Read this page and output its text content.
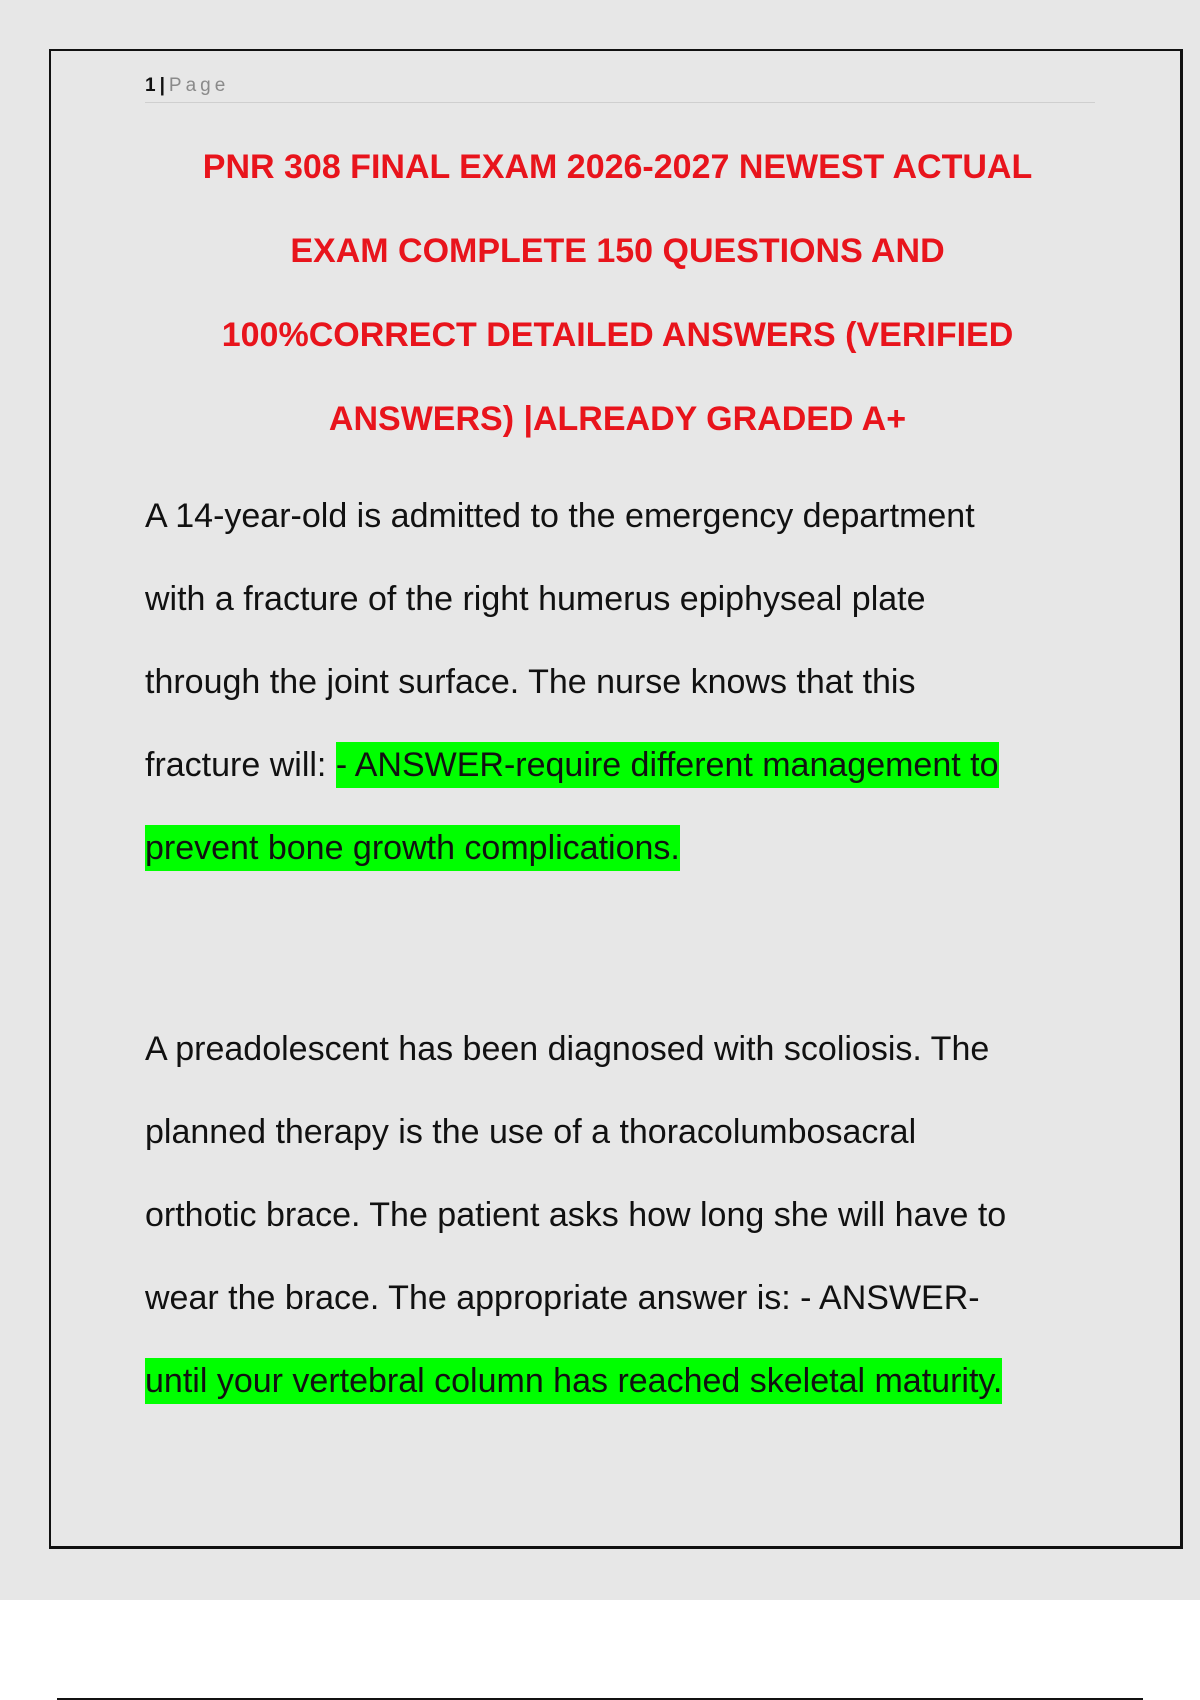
1 | Page
PNR 308 FINAL EXAM 2026-2027 NEWEST ACTUAL
EXAM COMPLETE 150 QUESTIONS AND
100%CORRECT DETAILED ANSWERS (VERIFIED
ANSWERS) |ALREADY GRADED A+
A 14-year-old is admitted to the emergency department
with a fracture of the right humerus epiphyseal plate
through the joint surface. The nurse knows that this
fracture will: - ANSWER-require different management to
prevent bone growth complications.
A preadolescent has been diagnosed with scoliosis. The
planned therapy is the use of a thoracolumbosacral
orthotic brace. The patient asks how long she will have to
wear the brace. The appropriate answer is: - ANSWER-
until your vertebral column has reached skeletal maturity.
